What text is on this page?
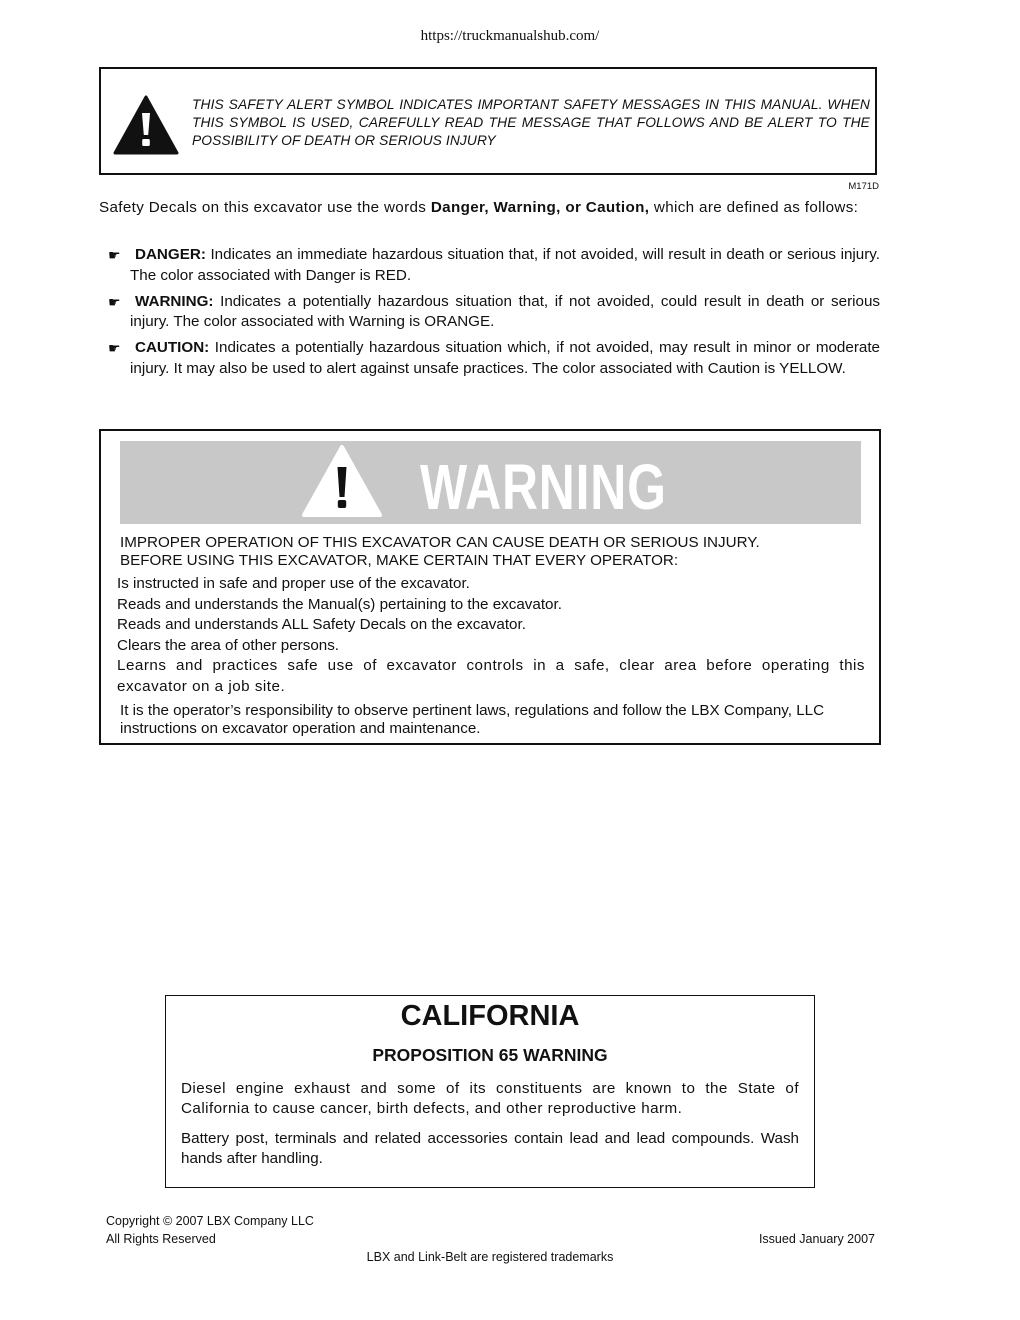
https://truckmanualshub.com/
THIS SAFETY ALERT SYMBOL INDICATES IMPORTANT SAFETY MESSAGES IN THIS MANUAL. WHEN THIS SYMBOL IS USED, CAREFULLY READ THE MESSAGE THAT FOLLOWS AND BE ALERT TO THE POSSIBILITY OF DEATH OR SERIOUS INJURY
M171D
Safety Decals on this excavator use the words Danger, Warning, or Caution, which are defined as follows:
☛ DANGER: Indicates an immediate hazardous situation that, if not avoided, will result in death or serious injury. The color associated with Danger is RED.
☛ WARNING: Indicates a potentially hazardous situation that, if not avoided, could result in death or serious injury. The color associated with Warning is ORANGE.
☛ CAUTION: Indicates a potentially hazardous situation which, if not avoided, may result in minor or moderate injury. It may also be used to alert against unsafe practices. The color associated with Caution is YELLOW.
WARNING
IMPROPER OPERATION OF THIS EXCAVATOR CAN CAUSE DEATH OR SERIOUS INJURY.
BEFORE USING THIS EXCAVATOR, MAKE CERTAIN THAT EVERY OPERATOR:
Is instructed in safe and proper use of the excavator.
Reads and understands the Manual(s) pertaining to the excavator.
Reads and understands ALL Safety Decals on the excavator.
Clears the area of other persons.
Learns and practices safe use of excavator controls in a safe, clear area before operating this excavator on a job site.
It is the operator’s responsibility to observe pertinent laws, regulations and follow the LBX Company, LLC instructions on excavator operation and maintenance.
CALIFORNIA
PROPOSITION 65 WARNING
Diesel engine exhaust and some of its constituents are known to the State of California to cause cancer, birth defects, and other reproductive harm.
Battery post, terminals and related accessories contain lead and lead compounds. Wash hands after handling.
Copyright © 2007 LBX Company LLC
All Rights Reserved	Issued January 2007
LBX and Link-Belt are registered trademarks
